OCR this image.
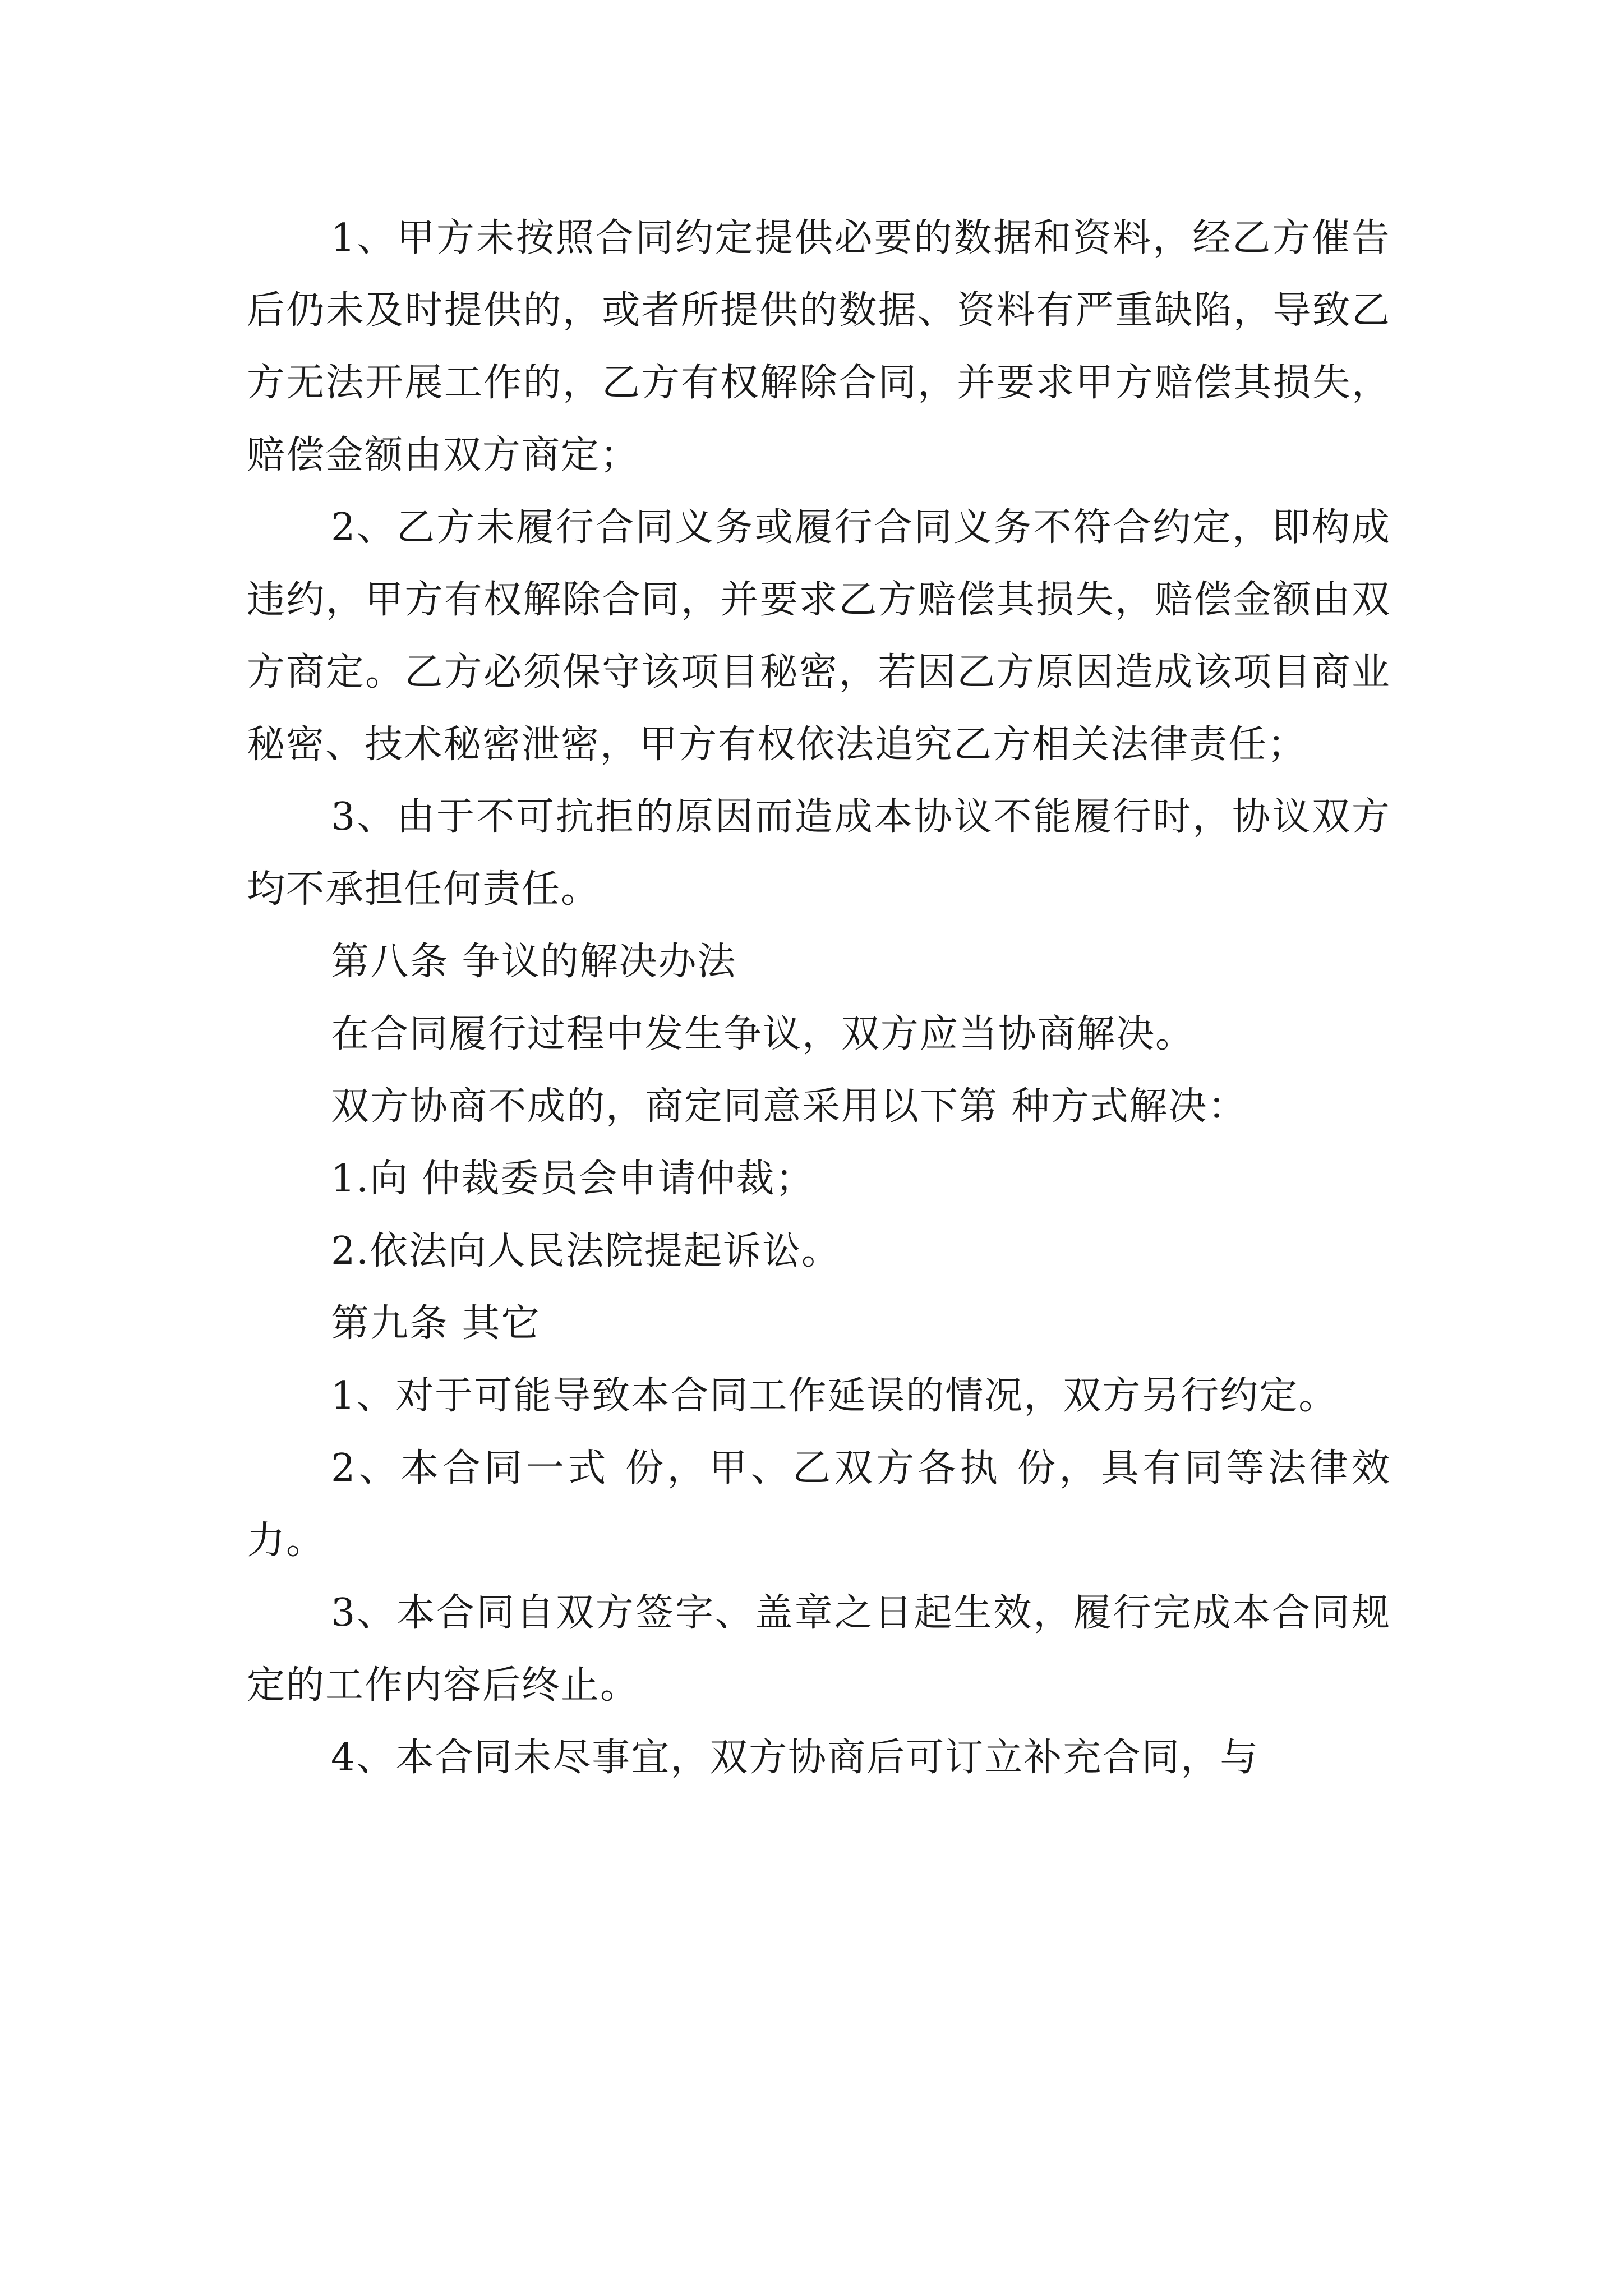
1、甲方未按照合同约定提供必要的数据和资料，经乙方催告后仍未及时提供的，或者所提供的数据、资料有严重缺陷，导致乙方无法开展工作的，乙方有权解除合同，并要求甲方赔偿其损失，赔偿金额由双方商定；

2、乙方未履行合同义务或履行合同义务不符合约定，即构成违约，甲方有权解除合同，并要求乙方赔偿其损失，赔偿金额由双方商定。乙方必须保守该项目秘密，若因乙方原因造成该项目商业秘密、技术秘密泄密，甲方有权依法追究乙方相关法律责任；

3、由于不可抗拒的原因而造成本协议不能履行时，协议双方均不承担任何责任。

第八条 争议的解决办法

在合同履行过程中发生争议，双方应当协商解决。

双方协商不成的，商定同意采用以下第 种方式解决：

1.向 仲裁委员会申请仲裁；

2.依法向人民法院提起诉讼。

第九条 其它

1、对于可能导致本合同工作延误的情况，双方另行约定。

2、本合同一式 份，甲、乙双方各执 份，具有同等法律效力。

3、本合同自双方签字、盖章之日起生效，履行完成本合同规定的工作内容后终止。

4、本合同未尽事宜，双方协商后可订立补充合同，与
